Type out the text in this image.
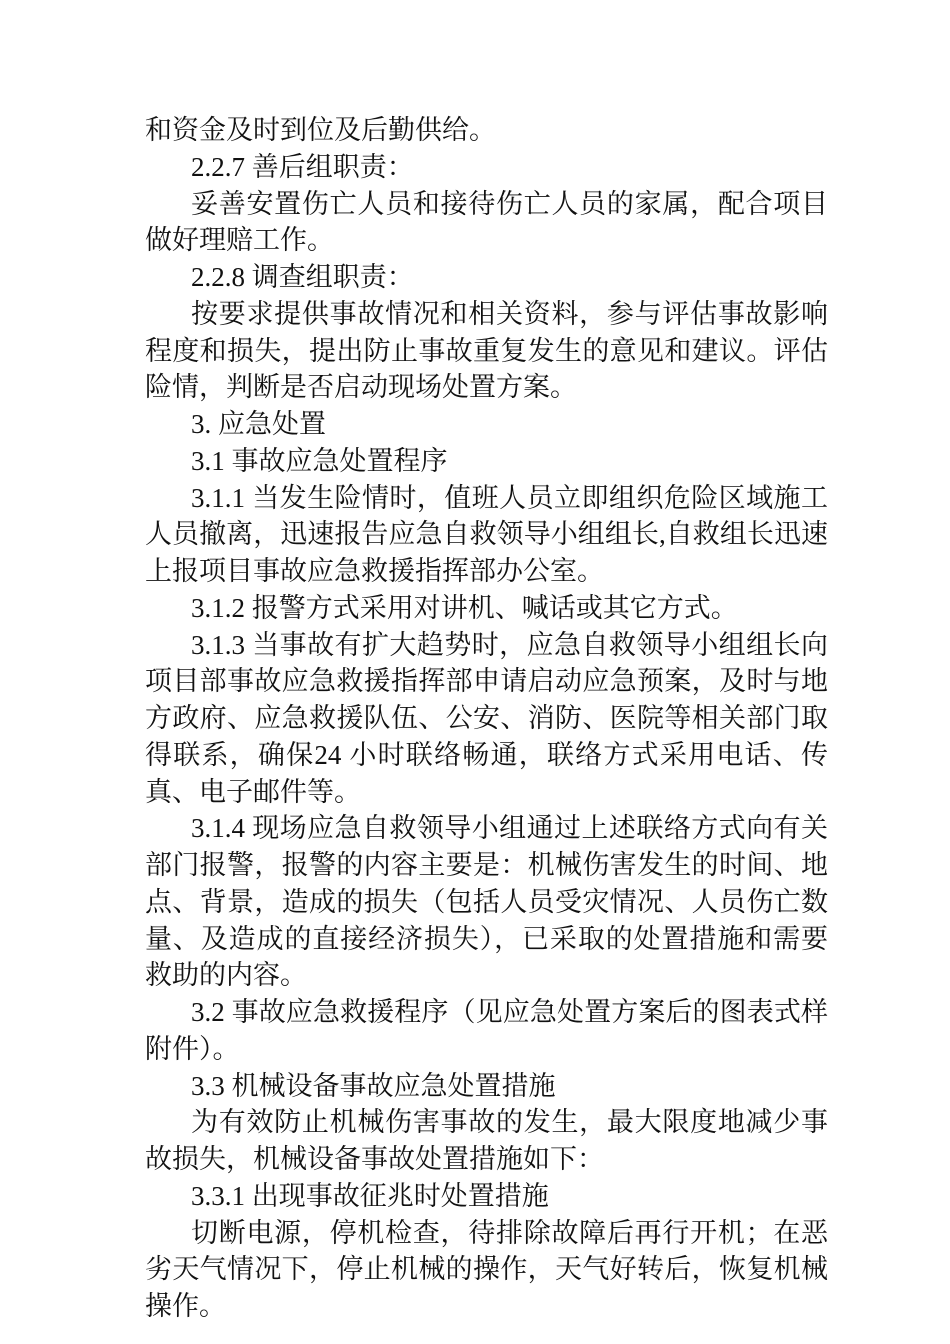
和资金及时到位及后勤供给。

2.2.7 善后组职责：

妥善安置伤亡人员和接待伤亡人员的家属，配合项目做好理赔工作。

2.2.8 调查组职责：

按要求提供事故情况和相关资料，参与评估事故影响程度和损失，提出防止事故重复发生的意见和建议。评估险情，判断是否启动现场处置方案。

3. 应急处置

3.1 事故应急处置程序

3.1.1 当发生险情时，值班人员立即组织危险区域施工人员撤离，迅速报告应急自救领导小组组长,自救组长迅速上报项目事故应急救援指挥部办公室。

3.1.2 报警方式采用对讲机、喊话或其它方式。

3.1.3 当事故有扩大趋势时，应急自救领导小组组长向项目部事故应急救援指挥部申请启动应急预案，及时与地方政府、应急救援队伍、公安、消防、医院等相关部门取得联系，确保24 小时联络畅通，联络方式采用电话、传真、电子邮件等。

3.1.4 现场应急自救领导小组通过上述联络方式向有关部门报警，报警的内容主要是：机械伤害发生的时间、地点、背景，造成的损失（包括人员受灾情况、人员伤亡数量、及造成的直接经济损失），已采取的处置措施和需要救助的内容。

3.2 事故应急救援程序（见应急处置方案后的图表式样附件）。

3.3 机械设备事故应急处置措施

为有效防止机械伤害事故的发生，最大限度地减少事故损失，机械设备事故处置措施如下：

3.3.1 出现事故征兆时处置措施

切断电源，停机检查，待排除故障后再行开机；在恶劣天气情况下，停止机械的操作，天气好转后，恢复机械操作。
